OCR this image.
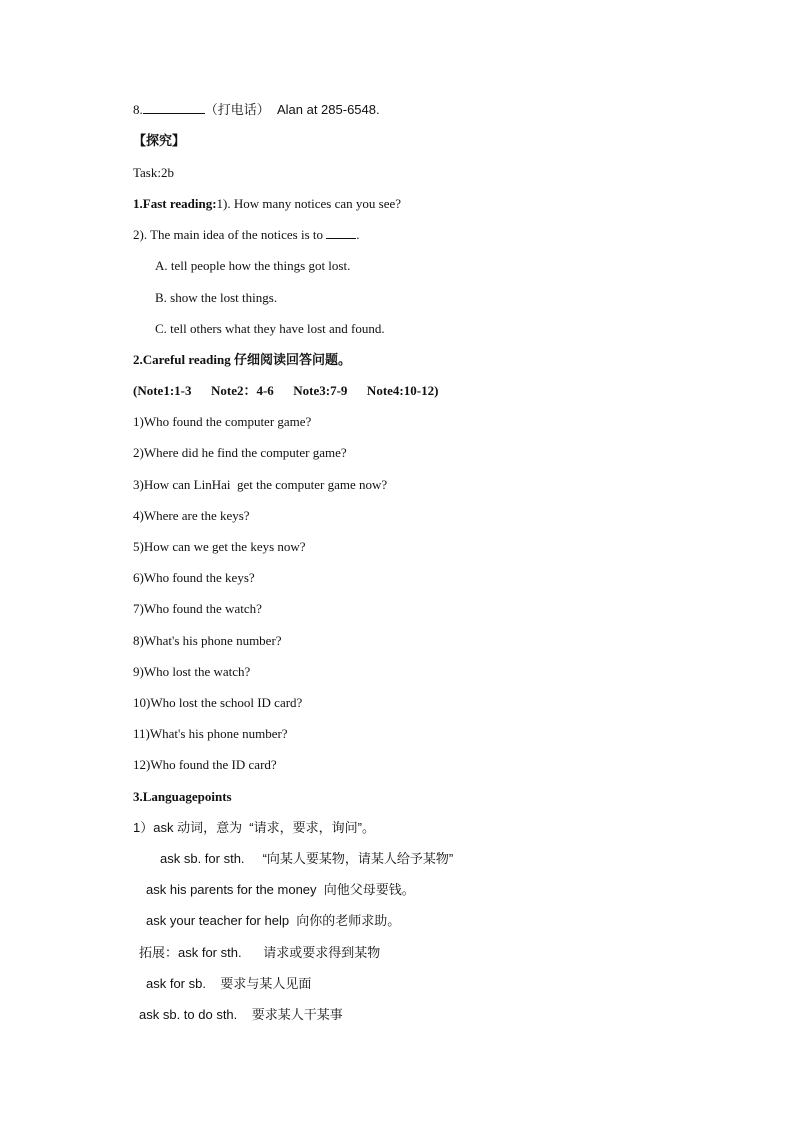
8.	（打电话）  Alan at 285-6548.
【探究】
Task:2b
1.Fast reading:1). How many notices can you see?
2). The main idea of the notices is to .
A. tell people how the things got lost.
B. show the lost things.
C. tell others what they have lost and found.
2.Careful reading 仔细阅读回答问题。
(Note1:1-3      Note2：4-6      Note3:7-9      Note4:10-12)
1)Who found the computer game?
2)Where did he find the computer game?
3)How can LinHai  get the computer game now?
4)Where are the keys?
5)How can we get the keys now?
6)Who found the keys?
7)Who found the watch?
8)What's his phone number?
9)Who lost the watch?
10)Who lost the school ID card?
11)What's his phone number?
12)Who found the ID card?
3.Languagepoints
1）ask 动词，意为  “请求，要求，询问”。
ask sb. for sth.     “向某人要某物，请某人给予某物”
ask his parents for the money  向他父母要钱。
ask your teacher for help  向你的老师求助。
拓展：ask for sth.      请求或要求得到某物
ask for sb.    要求与某人见面
ask sb. to do sth.    要求某人干某事
